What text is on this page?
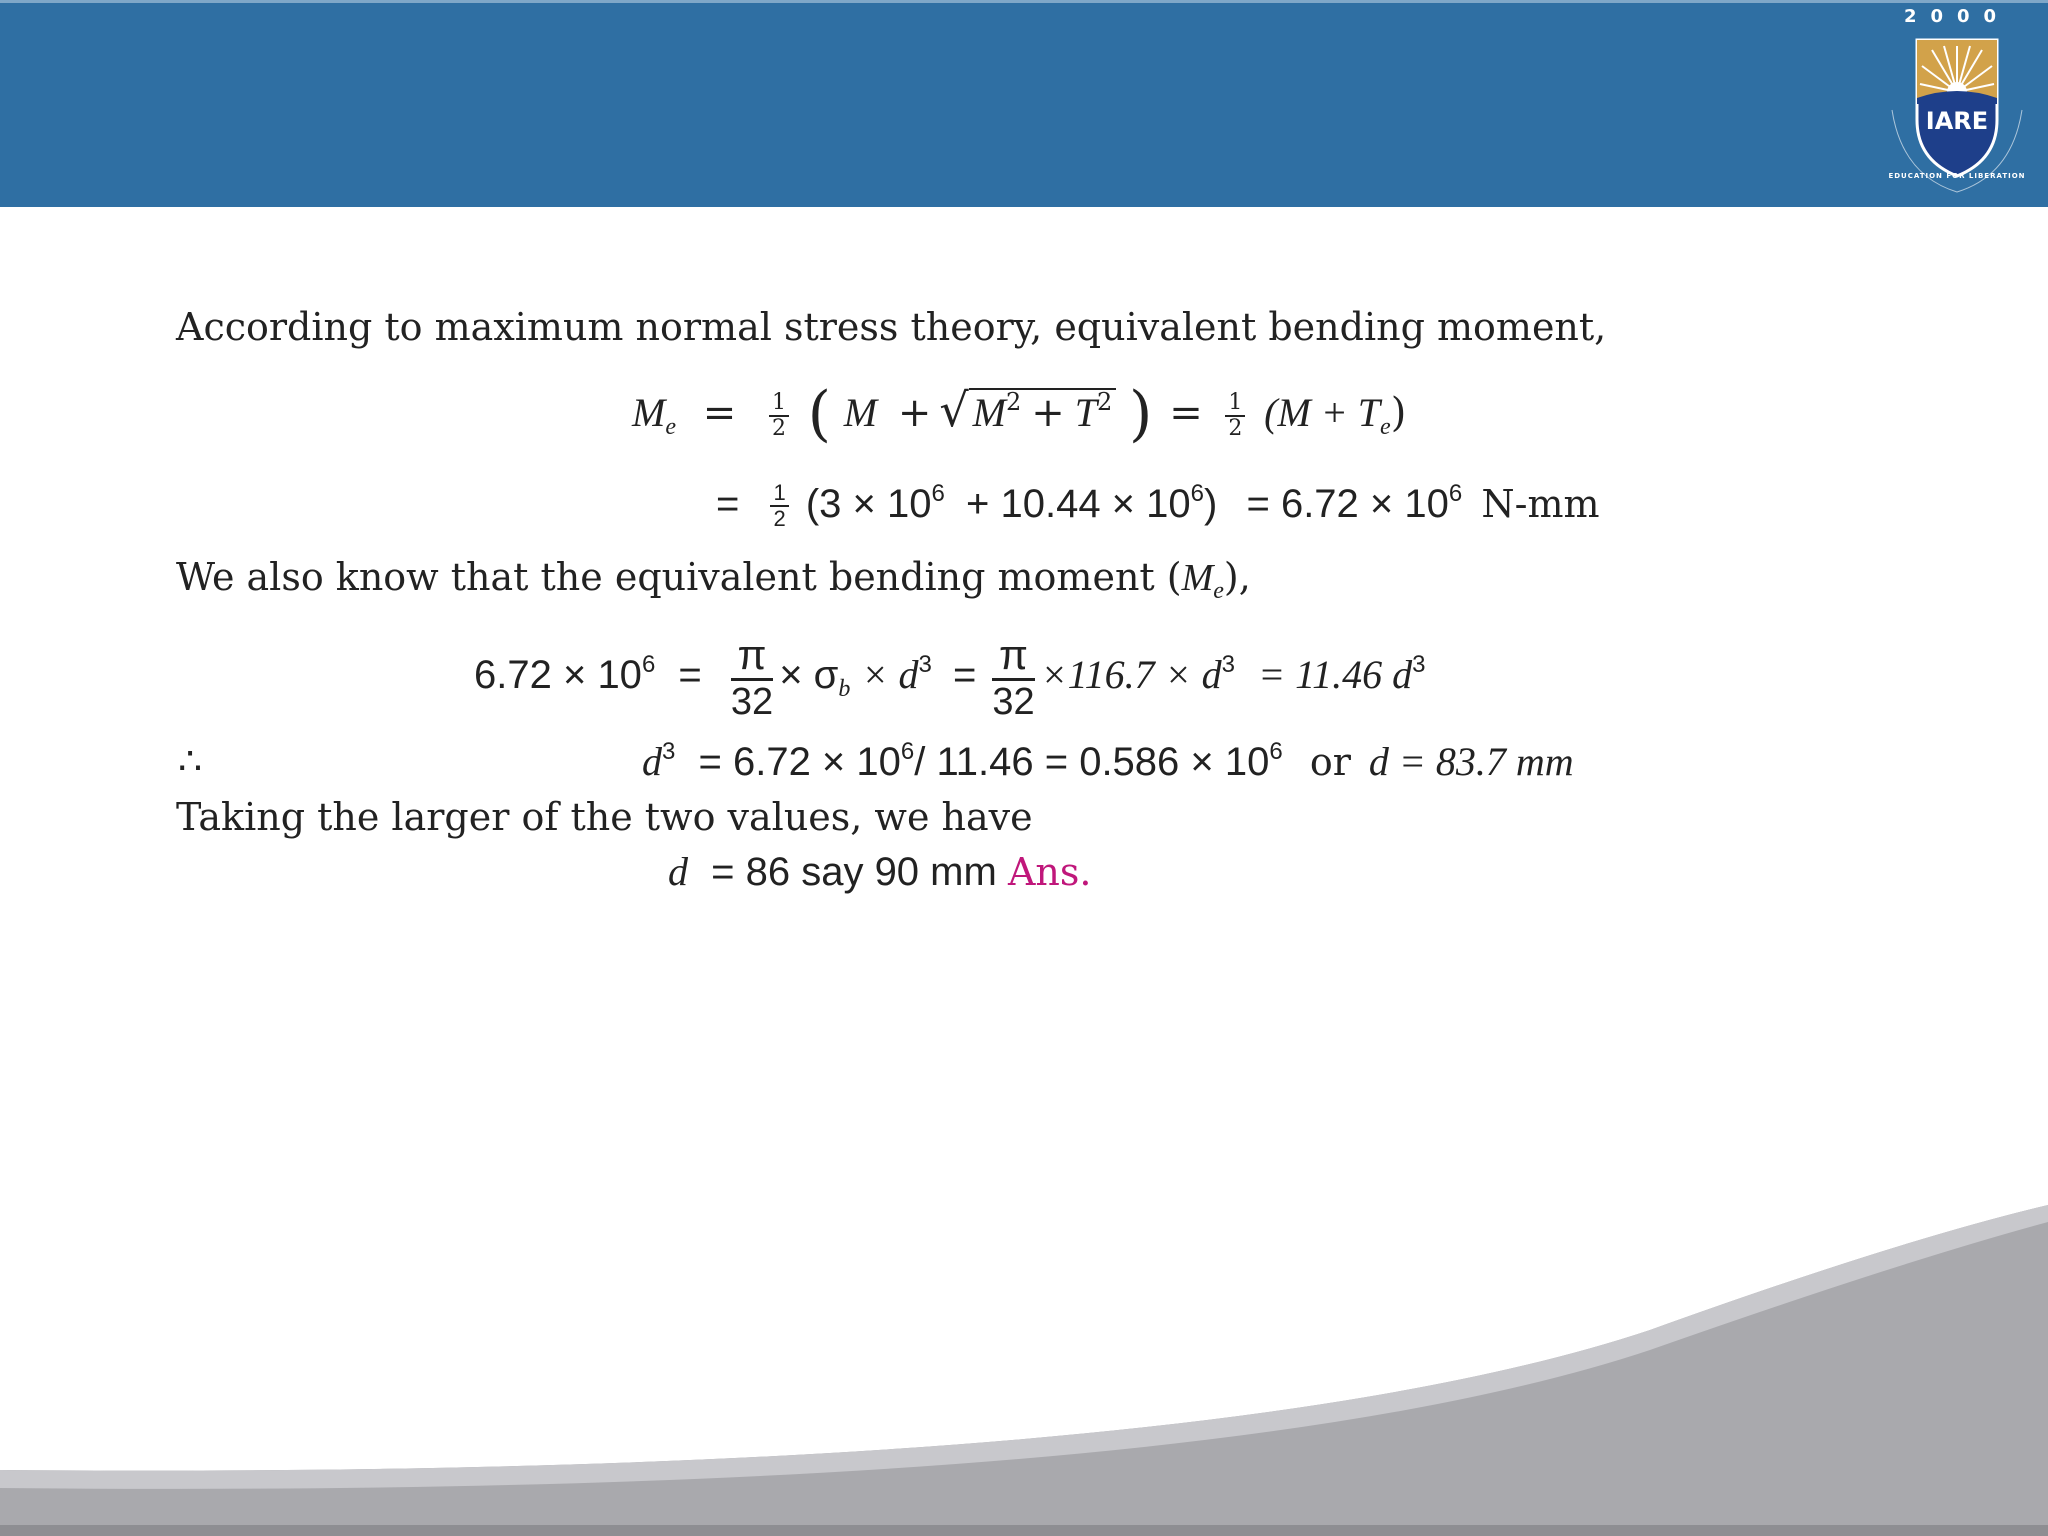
2000
IARE
EDUCATION FOR LIBERATION
According to maximum normal stress theory, equivalent bending moment,
$M_e = \frac{1}{2}$ ( M + √ $M^2 + T^2$ ) = $\frac{1}{2} (M + T_e)$
= $\frac{1}{2} (3 \times 10^6 + 10.44 \times 10^6) = 6.72 \times 10^6$ N-mm
We also know that the equivalent bending moment $(M_e)$,
$6.72 \times 10^6 = \frac{\pi}{32} \times \sigma_b \times d^3 = \frac{\pi}{32} \times 116.7 \times d^3 = 11.46$ $d^3$
∴	$d^3 = 6.72 \times 10^6/$ $11.46 = 0.586 \times 10^6$ or d = 83.7 mm
Taking the larger of the two values, we have
d = 86 say 90 mm Ans.
